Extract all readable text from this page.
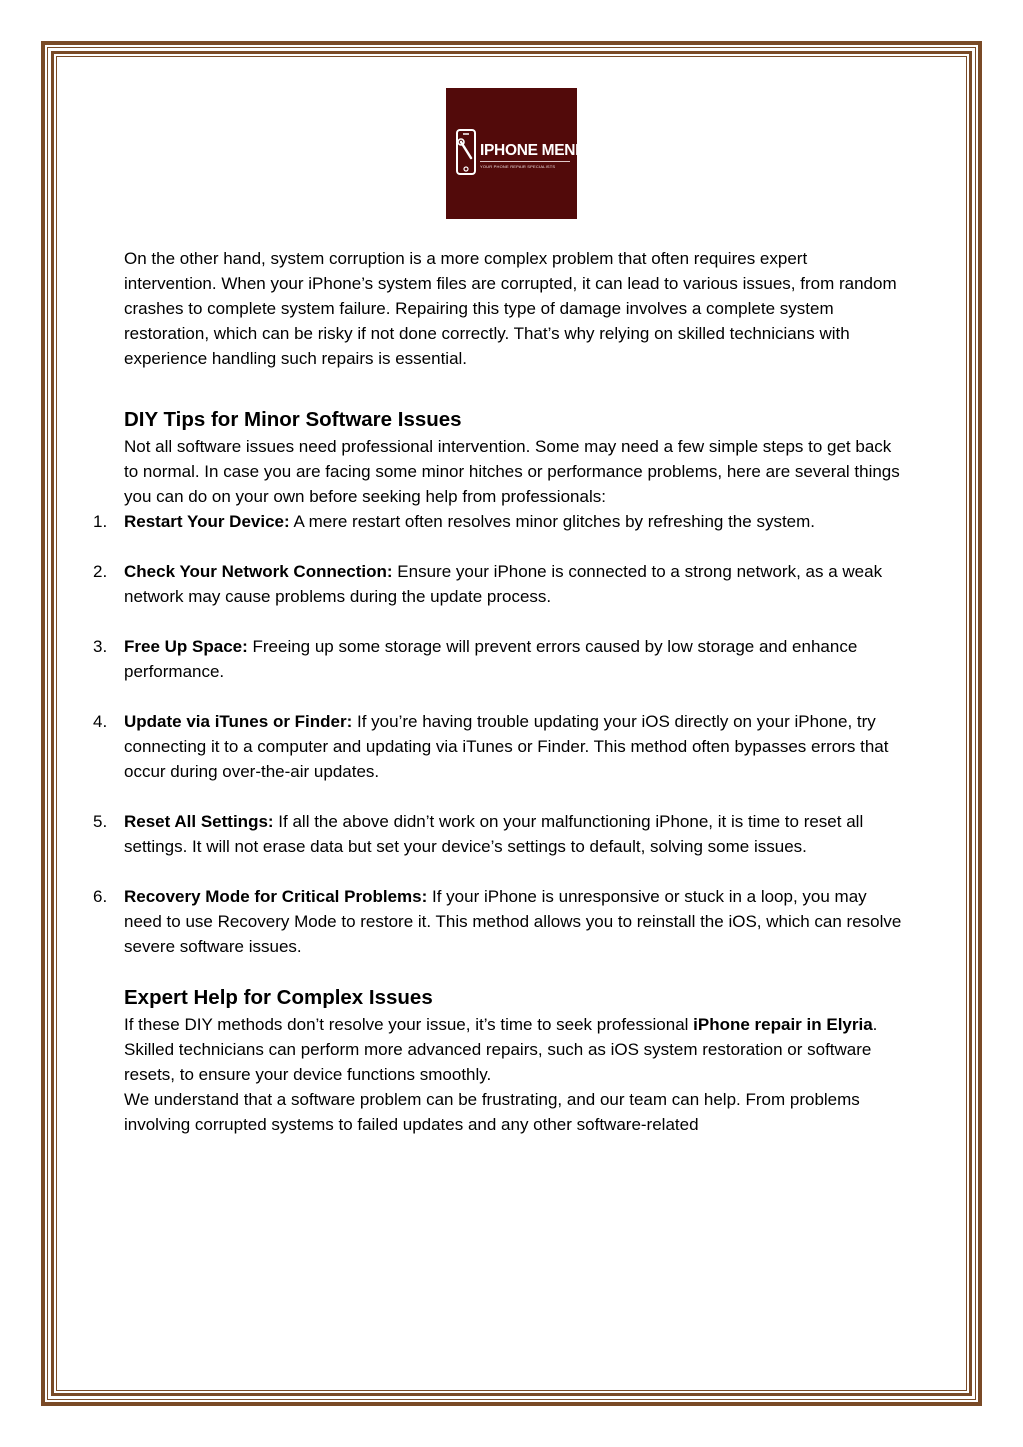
IPHONE MEND
YOUR PHONE REPAIR SPECIALISTS

On the other hand, system corruption is a more complex problem that often requires expert intervention. When your iPhone’s system files are corrupted, it can lead to various issues, from random crashes to complete system failure. Repairing this type of damage involves a complete system restoration, which can be risky if not done correctly. That’s why relying on skilled technicians with experience handling such repairs is essential.

DIY Tips for Minor Software Issues

Not all software issues need professional intervention. Some may need a few simple steps to get back to normal. In case you are facing some minor hitches or performance problems, here are several things you can do on your own before seeking help from professionals:

1. Restart Your Device: A mere restart often resolves minor glitches by refreshing the system.
2. Check Your Network Connection: Ensure your iPhone is connected to a strong network, as a weak network may cause problems during the update process.
3. Free Up Space: Freeing up some storage will prevent errors caused by low storage and enhance performance.
4. Update via iTunes or Finder: If you’re having trouble updating your iOS directly on your iPhone, try connecting it to a computer and updating via iTunes or Finder. This method often bypasses errors that occur during over-the-air updates.
5. Reset All Settings: If all the above didn’t work on your malfunctioning iPhone, it is time to reset all settings. It will not erase data but set your device’s settings to default, solving some issues.
6. Recovery Mode for Critical Problems: If your iPhone is unresponsive or stuck in a loop, you may need to use Recovery Mode to restore it. This method allows you to reinstall the iOS, which can resolve severe software issues.
Expert Help for Complex Issues

If these DIY methods don’t resolve your issue, it’s time to seek professional iPhone repair in Elyria. Skilled technicians can perform more advanced repairs, such as iOS system restoration or software resets, to ensure your device functions smoothly.

We understand that a software problem can be frustrating, and our team can help. From problems involving corrupted systems to failed updates and any other software-related
